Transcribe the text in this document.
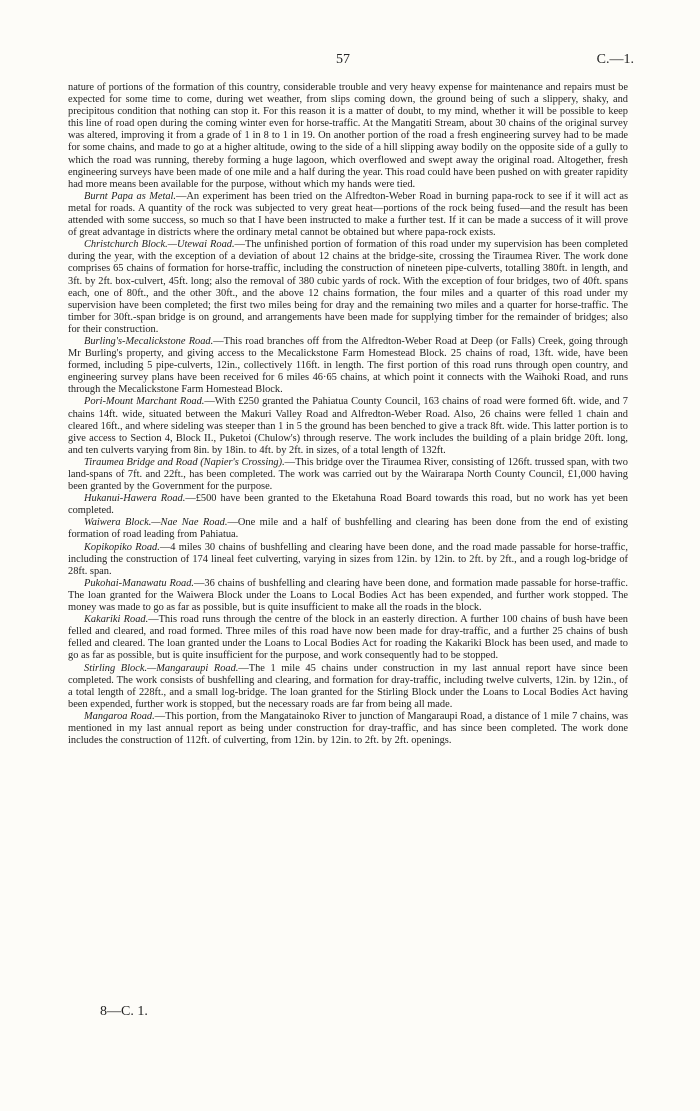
57	C.—1.

nature of portions of the formation of this country, considerable trouble and very heavy expense for maintenance and repairs must be expected for some time to come, during wet weather, from slips coming down, the ground being of such a slippery, shaky, and precipitous condition that nothing can stop it. For this reason it is a matter of doubt, to my mind, whether it will be possible to keep this line of road open during the coming winter even for horse-traffic. At the Mangatiti Stream, about 30 chains of the original survey was altered, improving it from a grade of 1 in 8 to 1 in 19. On another portion of the road a fresh engineering survey had to be made for some chains, and made to go at a higher altitude, owing to the side of a hill slipping away bodily on the opposite side of a gully to which the road was running, thereby forming a huge lagoon, which overflowed and swept away the original road. Altogether, fresh engineering surveys have been made of one mile and a half during the year. This road could have been pushed on with greater rapidity had more means been available for the purpose, without which my hands were tied.

Burnt Papa as Metal.—An experiment has been tried on the Alfredton-Weber Road in burning papa-rock to see if it will act as metal for roads. A quantity of the rock was subjected to very great heat—portions of the rock being fused—and the result has been attended with some success, so much so that I have been instructed to make a further test. If it can be made a success of it will prove of great advantage in districts where the ordinary metal cannot be obtained but where papa-rock exists.

Christchurch Block.—Utewai Road.—The unfinished portion of formation of this road under my supervision has been completed during the year, with the exception of a deviation of about 12 chains at the bridge-site, crossing the Tiraumea River. The work done comprises 65 chains of formation for horse-traffic, including the construction of nineteen pipe-culverts, totalling 380ft. in length, and 3ft. by 2ft. box-culvert, 45ft. long; also the removal of 380 cubic yards of rock. With the exception of four bridges, two of 40ft. spans each, one of 80ft., and the other 30ft., and the above 12 chains formation, the four miles and a quarter of this road under my supervision have been completed; the first two miles being for dray and the remaining two miles and a quarter for horse-traffic. The timber for 30ft.-span bridge is on ground, and arrangements have been made for supplying timber for the remainder of bridges; also for their construction.

Burling's-Mecalickstone Road.—This road branches off from the Alfredton-Weber Road at Deep (or Falls) Creek, going through Mr Burling's property, and giving access to the Mecalickstone Farm Homestead Block. 25 chains of road, 13ft. wide, have been formed, including 5 pipe-culverts, 12in., collectively 116ft. in length. The first portion of this road runs through open country, and engineering survey plans have been received for 6 miles 46·65 chains, at which point it connects with the Waihoki Road, and runs through the Mecalickstone Farm Homestead Block.

Pori-Mount Marchant Road.—With £250 granted the Pahiatua County Council, 163 chains of road were formed 6ft. wide, and 7 chains 14ft. wide, situated between the Makuri Valley Road and Alfredton-Weber Road. Also, 26 chains were felled 1 chain and cleared 16ft., and where sideling was steeper than 1 in 5 the ground has been benched to give a track 8ft. wide. This latter portion is to give access to Section 4, Block II., Puketoi (Chulow's) through reserve. The work includes the building of a plain bridge 20ft. long, and ten culverts varying from 8in. by 18in. to 4ft. by 2ft. in sizes, of a total length of 132ft.

Tiraumea Bridge and Road (Napier's Crossing).—This bridge over the Tiraumea River, consisting of 126ft. trussed span, with two land-spans of 7ft. and 22ft., has been completed. The work was carried out by the Wairarapa North County Council, £1,000 having been granted by the Government for the purpose.

Hukanui-Hawera Road.—£500 have been granted to the Eketahuna Road Board towards this road, but no work has yet been completed.

Waiwera Block.—Nae Nae Road.—One mile and a half of bushfelling and clearing has been done from the end of existing formation of road leading from Pahiatua.

Kopikopiko Road.—4 miles 30 chains of bushfelling and clearing have been done, and the road made passable for horse-traffic, including the construction of 174 lineal feet culverting, varying in sizes from 12in. by 12in. to 2ft. by 2ft., and a rough log-bridge of 28ft. span.

Pukohai-Manawatu Road.—36 chains of bushfelling and clearing have been done, and formation made passable for horse-traffic. The loan granted for the Waiwera Block under the Loans to Local Bodies Act has been expended, and further work stopped. The money was made to go as far as possible, but is quite insufficient to make all the roads in the block.

Kakariki Road.—This road runs through the centre of the block in an easterly direction. A further 100 chains of bush have been felled and cleared, and road formed. Three miles of this road have now been made for dray-traffic, and a further 25 chains of bush felled and cleared. The loan granted under the Loans to Local Bodies Act for roading the Kakariki Block has been used, and made to go as far as possible, but is quite insufficient for the purpose, and work consequently had to be stopped.

Stirling Block.—Mangaraupi Road.—The 1 mile 45 chains under construction in my last annual report have since been completed. The work consists of bushfelling and clearing, and formation for dray-traffic, including twelve culverts, 12in. by 12in., of a total length of 228ft., and a small log-bridge. The loan granted for the Stirling Block under the Loans to Local Bodies Act having been expended, further work is stopped, but the necessary roads are far from being all made.

Mangaroa Road.—This portion, from the Mangatainoko River to junction of Mangaraupi Road, a distance of 1 mile 7 chains, was mentioned in my last annual report as being under construction for dray-traffic, and has since been completed. The work done includes the construction of 112ft. of culverting, from 12in. by 12in. to 2ft. by 2ft. openings.

8—C. 1.
